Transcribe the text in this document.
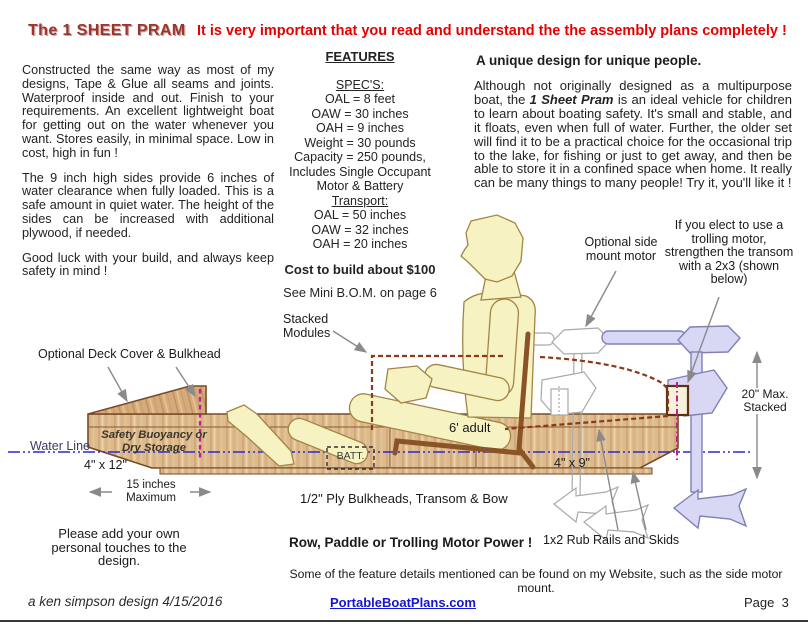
The 1 SHEET PRAM It is very important that you read and understand the the assembly plans completely !

Constructed the same way as most of my designs, Tape & Glue all seams and joints. Waterproof inside and out. Finish to your requirements. An excellent lightweight boat for getting out on the water whenever you want. Stores easily, in minimal space. Low in cost, high in fun !

The 9 inch high sides provide 6 inches of water clearance when fully loaded. This is a safe amount in quiet water. The height of the sides can be increased with additional plywood, if needed.

Good luck with your build, and always keep safety in mind !

FEATURES
SPEC'S:
OAL = 8 feet
OAW = 30 inches
OAH = 9 inches
Weight = 30 pounds
Capacity = 250 pounds,
Includes Single Occupant
Motor & Battery
Transport:
OAL = 50 inches
OAW = 32 inches
OAH = 20 inches
Cost to build about $100
See Mini B.O.M. on page 6
A unique design for unique people.
Although not originally designed as a multipurpose boat, the 1 Sheet Pram is an ideal vehicle for children to learn about boating safety. It's small and stable, and it floats, even when full of water. Further, the older set will find it to be a practical choice for the occasional trip to the lake, for fishing or just to get away, and then be able to store it in a confined space when home. It really can be many things to many people! Try it, you'll like it !
Optional Deck Cover & Bulkhead
Stacked Modules
Optional side mount motor
If you elect to use a trolling motor, strengthen the transom with a 2x3 (shown below)
Water Line
Safety Buoyancy or Dry Storage
4" x 12"
15 inches Maximum
BATT.
6' adult
4" x 9"
20" Max. Stacked
1/2" Ply Bulkheads, Transom & Bow
Row, Paddle or Trolling Motor Power ! 1x2 Rub Rails and Skids
Please add your own personal touches to the design.
Some of the feature details mentioned can be found on my Website, such as the side motor mount.
a ken simpson design 4/15/2016	PortableBoatPlans.com	Page  3
